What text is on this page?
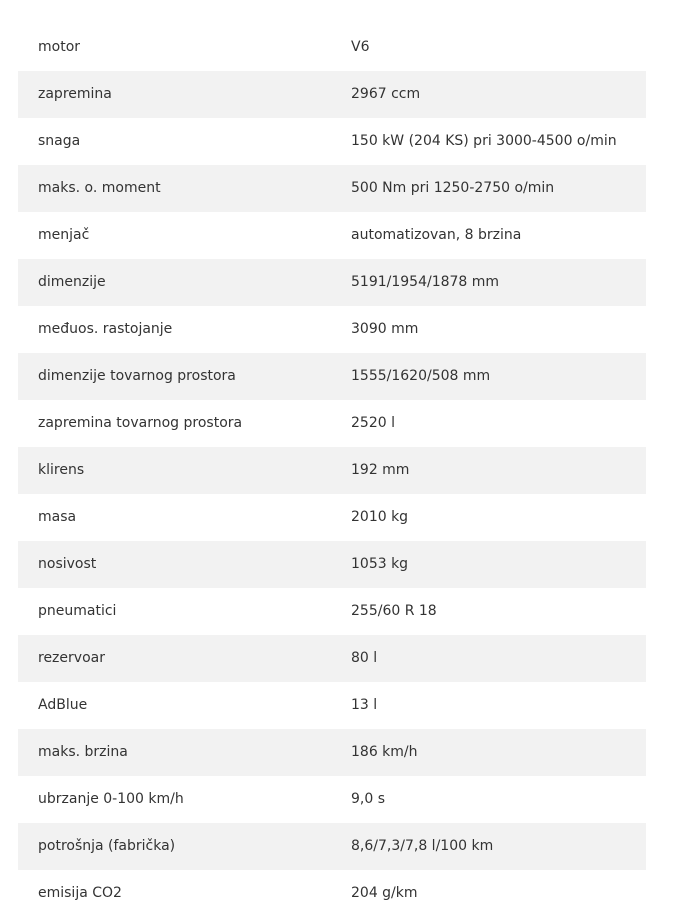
motor	V6
zapremina	2967 ccm
snaga	150 kW (204 KS) pri 3000-4500 o/min
maks. o. moment	500 Nm pri 1250-2750 o/min
menjač	automatizovan, 8 brzina
dimenzije	5191/1954/1878 mm
međuos. rastojanje	3090 mm
dimenzije tovarnog prostora	1555/1620/508 mm
zapremina tovarnog prostora	2520 l
klirens	192 mm
masa	2010 kg
nosivost	1053 kg
pneumatici	255/60 R 18
rezervoar	80 l
AdBlue	13 l
maks. brzina	186 km/h
ubrzanje 0-100 km/h	9,0 s
potrošnja (fabrička)	8,6/7,3/7,8 l/100 km
emisija CO2	204 g/km
